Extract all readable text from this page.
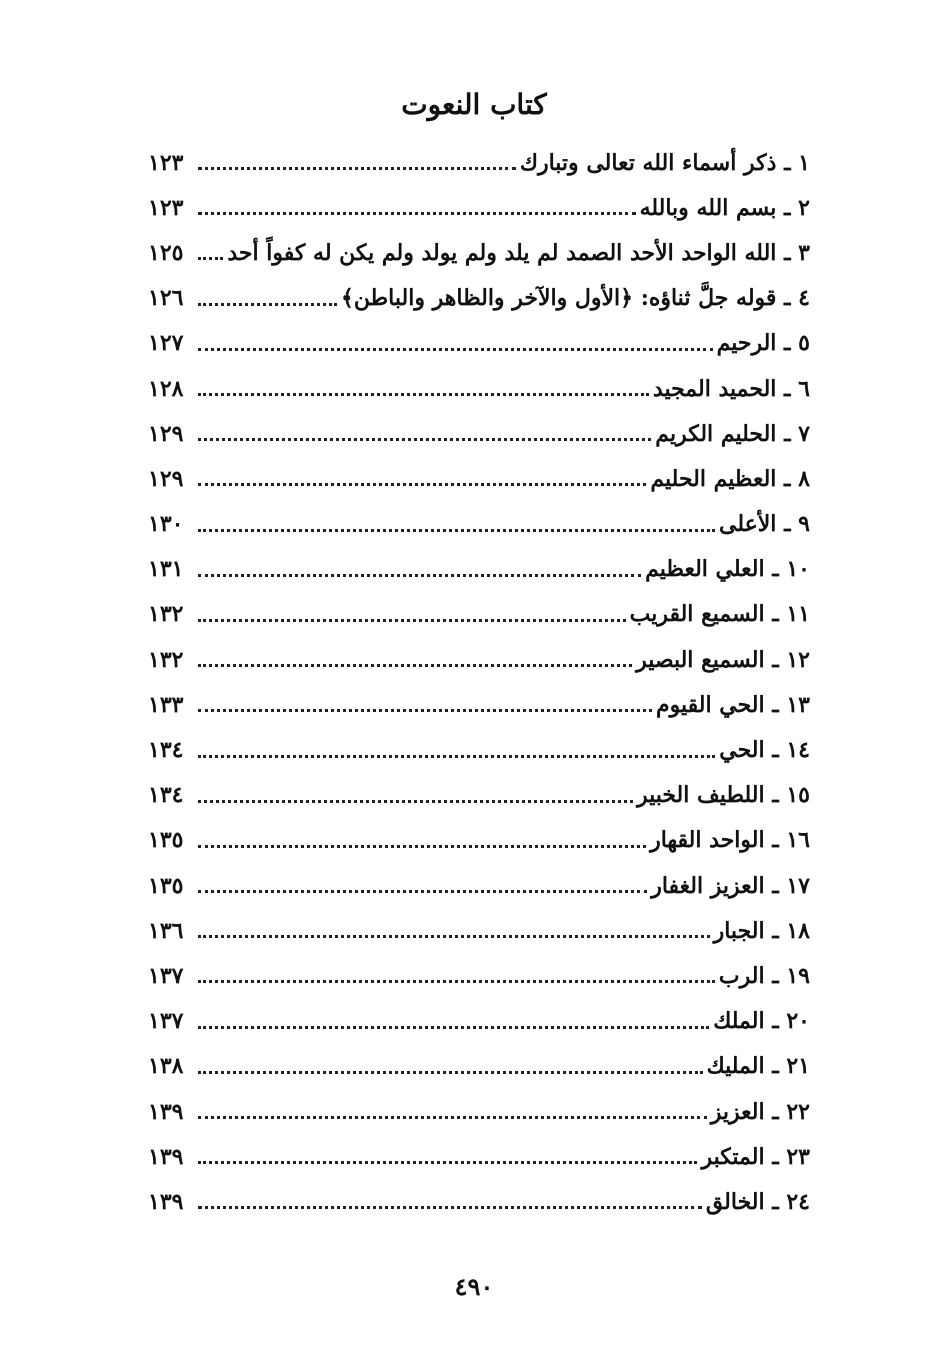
كتاب النعوت
١ ـ ذكر أسماء الله تعالى وتبارك
١٢٣
٢ ـ بسم الله وبالله
١٢٣
٣ ـ الله الواحد الأحد الصمد لم يلد ولم يولد ولم يكن له كفواً أحد
١٢٥
٤ ـ قوله جلَّ ثناؤه: ﴿الأول والآخر والظاهر والباطن﴾
١٢٦
٥ ـ الرحيم
١٢٧
٦ ـ الحميد المجيد
١٢٨
٧ ـ الحليم الكريم
١٢٩
٨ ـ العظيم الحليم
١٢٩
٩ ـ الأعلى
١٣٠
١٠ ـ العلي العظيم
١٣١
١١ ـ السميع القريب
١٣٢
١٢ ـ السميع البصير
١٣٢
١٣ ـ الحي القيوم
١٣٣
١٤ ـ الحي
١٣٤
١٥ ـ اللطيف الخبير
١٣٤
١٦ ـ الواحد القهار
١٣٥
١٧ ـ العزيز الغفار
١٣٥
١٨ ـ الجبار
١٣٦
١٩ ـ الرب
١٣٧
٢٠ ـ الملك
١٣٧
٢١ ـ المليك
١٣٨
٢٢ ـ العزيز
١٣٩
٢٣ ـ المتكبر
١٣٩
٢٤ ـ الخالق
١٣٩
٤٩٠
